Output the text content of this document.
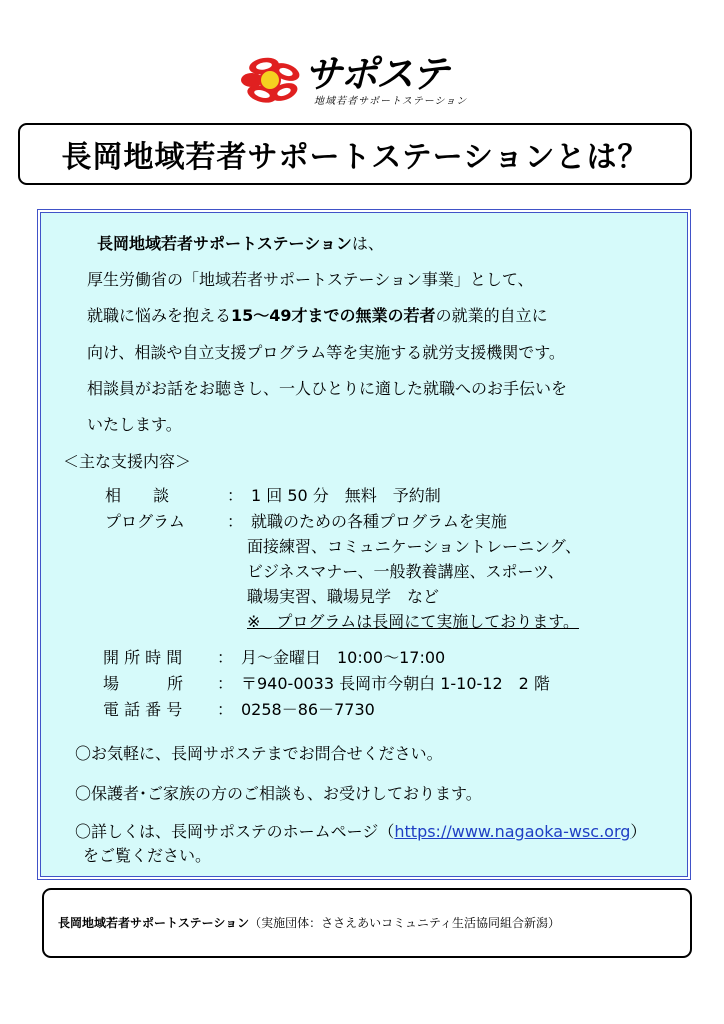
サポステ
地域若者サポートステーション
長岡地域若者サポートステーションとは？
長岡地域若者サポートステーションは、
厚生労働省の「地域若者サポートステーション事業」として、
就職に悩みを抱える15～49才までの無業の若者の就業的自立に
向け、相談や自立支援プログラム等を実施する就労支援機関です。
相談員がお話をお聴きし、一人ひとりに適した就職へのお手伝いを
いたします。
＜主な支援内容＞
相　　談	： 1 回 50 分　無料　予約制
プログラム	： 就職のための各種プログラムを実施
面接練習、コミュニケーショントレーニング、
ビジネスマナー、一般教養講座、スポーツ、
職場実習、職場見学　など
※　プログラムは長岡にて実施しております。
開 所 時 間 ： 月～金曜日　10:00～17:00
場　　　所 ： 〒940-0033 長岡市今朝白 1-10-12　2 階
電 話 番 号 ： 0258－86－7730
〇お気軽に、長岡サポステまでお問合せください。
〇保護者･ご家族の方のご相談も、お受けしております。
〇詳しくは、長岡サポステのホームページ（https://www.nagaoka-wsc.org）
をご覧ください。
長岡地域若者サポートステーション（実施団体：ささえあいコミュニティ生活協同組合新潟）
